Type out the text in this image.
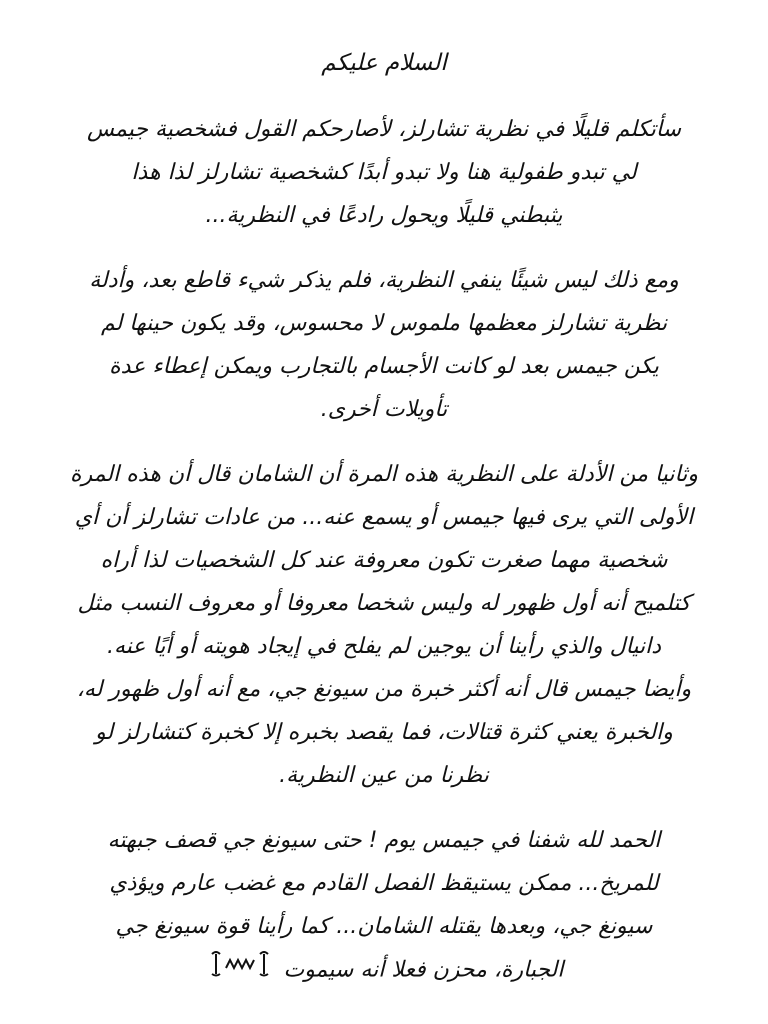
السلام عليكم
سأتكلم قليلًا في نظرية تشارلز، لأصارحكم القول فشخصية جيمس
لي تبدو طفولية هنا ولا تبدو أبدًا كشخصية تشارلز لذا هذا
يثبطني قليلًا ويحول رادعًا في النظرية...
ومع ذلك ليس شيئًا ينفي النظرية، فلم يذكر شيء قاطع بعد، وأدلة
نظرية تشارلز معظمها ملموس لا محسوس، وقد يكون حينها لم
يكن جيمس بعد لو كانت الأجسام بالتجارب ويمكن إعطاء عدة
تأويلات أخرى.
وثانيا من الأدلة على النظرية هذه المرة أن الشامان قال أن هذه المرة
الأولى التي يرى فيها جيمس أو يسمع عنه... من عادات تشارلز أن أي
شخصية مهما صغرت تكون معروفة عند كل الشخصيات لذا أراه
كتلميح أنه أول ظهور له وليس شخصا معروفا أو معروف النسب مثل
دانيال والذي رأينا أن يوجين لم يفلح في إيجاد هويته أو أيًا عنه.
وأيضا جيمس قال أنه أكثر خبرة من سيونغ جي، مع أنه أول ظهور له،
والخبرة يعني كثرة قتالات، فما يقصد بخبره إلا كخبرة كتشارلز لو
نظرنا من عين النظرية.
الحمد لله شفنا في جيمس يوم ! حتى سيونغ جي قصف جبهته
للمريخ... ممكن يستيقظ الفصل القادم مع غضب عارم ويؤذي
سيونغ جي، وبعدها يقتله الشامان... كما رأينا قوة سيونغ جي
الجبارة، محزن فعلا أنه سيموت
